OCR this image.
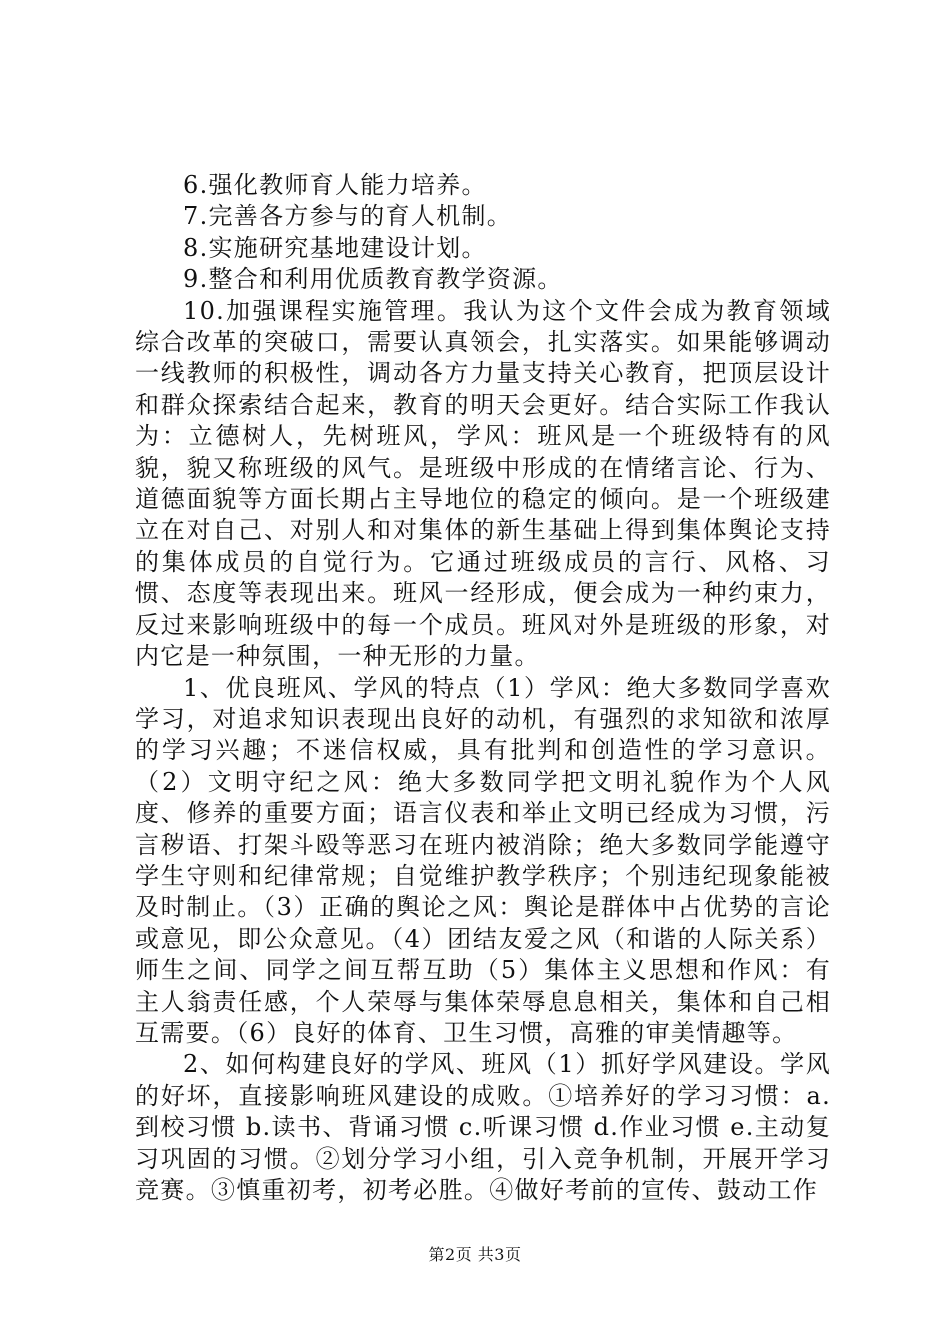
6.强化教师育人能力培养。

7.完善各方参与的育人机制。

8.实施研究基地建设计划。

9.整合和利用优质教育教学资源。

10.加强课程实施管理。我认为这个文件会成为教育领域综合改革的突破口，需要认真领会，扎实落实。如果能够调动一线教师的积极性，调动各方力量支持关心教育，把顶层设计和群众探索结合起来，教育的明天会更好。结合实际工作我认为：立德树人，先树班风，学风：班风是一个班级特有的风貌，貌又称班级的风气。是班级中形成的在情绪言论、行为、道德面貌等方面长期占主导地位的稳定的倾向。是一个班级建立在对自己、对别人和对集体的新生基础上得到集体舆论支持的集体成员的自觉行为。它通过班级成员的言行、风格、习惯、态度等表现出来。班风一经形成，便会成为一种约束力，反过来影响班级中的每一个成员。班风对外是班级的形象，对内它是一种氛围，一种无形的力量。

1、优良班风、学风的特点（1）学风：绝大多数同学喜欢学习，对追求知识表现出良好的动机，有强烈的求知欲和浓厚的学习兴趣；不迷信权威，具有批判和创造性的学习意识。（2）文明守纪之风：绝大多数同学把文明礼貌作为个人风度、修养的重要方面；语言仪表和举止文明已经成为习惯，污言秽语、打架斗殴等恶习在班内被消除；绝大多数同学能遵守学生守则和纪律常规；自觉维护教学秩序；个别违纪现象能被及时制止。（3）正确的舆论之风：舆论是群体中占优势的言论或意见，即公众意见。（4）团结友爱之风（和谐的人际关系）师生之间、同学之间互帮互助（5）集体主义思想和作风：有主人翁责任感，个人荣辱与集体荣辱息息相关，集体和自己相互需要。（6）良好的体育、卫生习惯，高雅的审美情趣等。

2、如何构建良好的学风、班风（1）抓好学风建设。学风的好坏，直接影响班风建设的成败。①培养好的学习习惯：a.到校习惯 b.读书、背诵习惯 c.听课习惯 d.作业习惯 e.主动复习巩固的习惯。②划分学习小组，引入竞争机制，开展开学习竞赛。③慎重初考，初考必胜。④做好考前的宣传、鼓动工作

第2页 共3页
